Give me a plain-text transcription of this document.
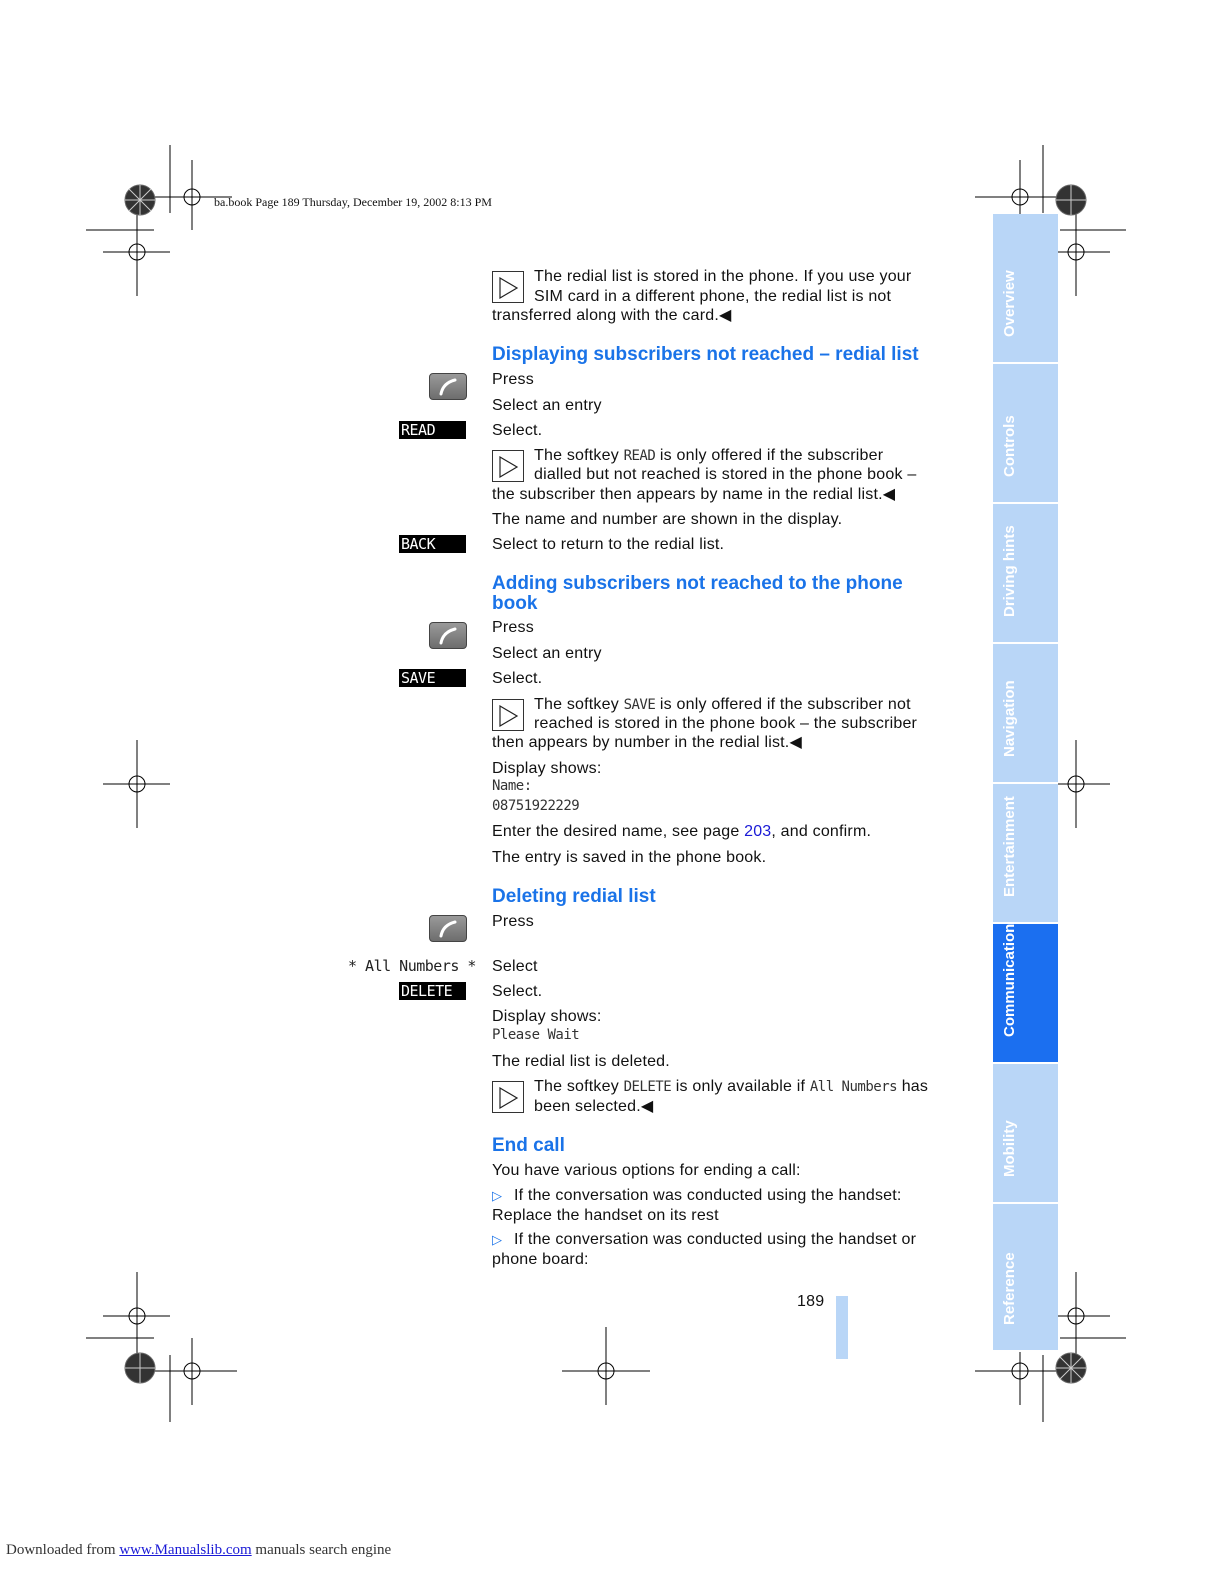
ba.book Page 189 Thursday, December 19, 2002 8:13 PM
The redial list is stored in the phone. If you use your
SIM card in a different phone, the redial list is not
transferred along with the card.◀
Displaying subscribers not reached – redial list
Press
Select an entry
READ	Select.
The softkey READ is only offered if the subscriber
dialled but not reached is stored in the phone book –
the subscriber then appears by name in the redial list.◀
The name and number are shown in the display.
BACK	Select to return to the redial list.
Adding subscribers not reached to the phone
book
Press
Select an entry
SAVE	Select.
The softkey SAVE is only offered if the subscriber not
reached is stored in the phone book – the subscriber
then appears by number in the redial list.◀
Display shows:
Name:
08751922229
Enter the desired name, see page 203, and confirm.
The entry is saved in the phone book.
Deleting redial list
Press
* All Numbers * Select
DELETE	Select.
Display shows:
Please Wait
The redial list is deleted.
The softkey DELETE is only available if All Numbers has
been selected.◀
End call
You have various options for ending a call:
▷ If the conversation was conducted using the handset:
Replace the handset on its rest
▷ If the conversation was conducted using the handset or
phone board:
189
Overview
Controls
Driving hints
Navigation
Entertainment
Communication
Mobility
Reference
Downloaded from www.Manualslib.com manuals search engine
